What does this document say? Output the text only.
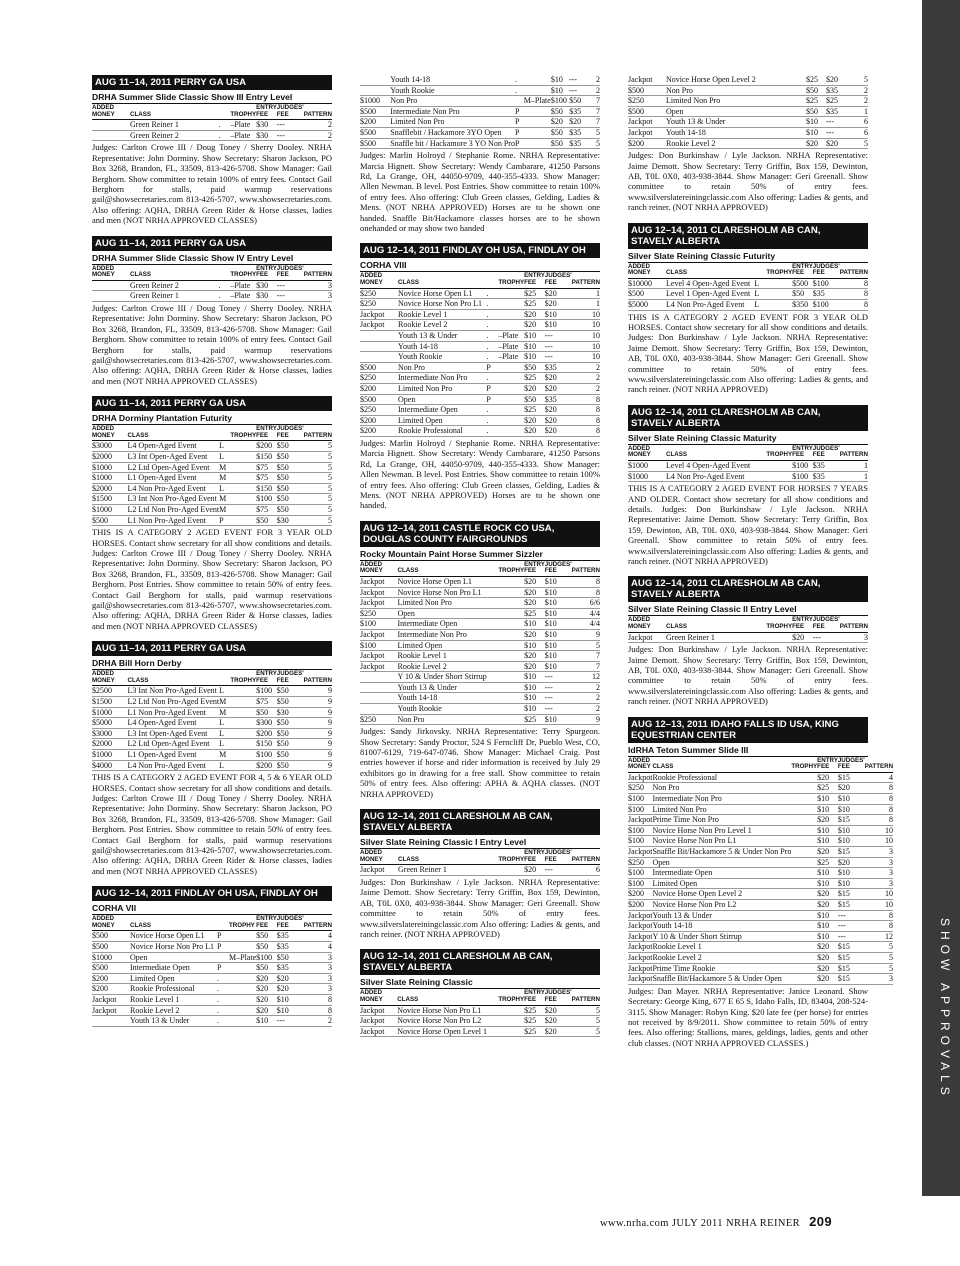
AUG 11–14, 2011 PERRY GA USA
DRHA Summer Slide Classic Show III Entry Level
ADDED MONEY	CLASS		TROPHY	ENTRY FEE	JUDGES' FEE	PATTERN
	Green Reiner 1	.	–Plate	$30	---	2
	Green Reiner 2	.	–Plate	$30	---	2
Judges: Carlton Crowe III / Doug Toney / Sherry Dooley. NRHA Representative: John Dorminy. Show Secretary: Sharon Jackson, PO Box 3268, Brandon, FL, 33509, 813-426-5708. Show Manager: Gail Berghorn. Show committee to retain 100% of entry fees. Contact Gail Berghorn for stalls, paid warmup reservations gail@showsecretaries.com 813-426-5707, www.showsecretaries.com. Also offering: AQHA, DRHA Green Rider & Horse classes, ladies and men (NOT NRHA APPROVED CLASSES)
AUG 11–14, 2011 PERRY GA USA
DRHA Summer Slide Classic Show IV Entry Level
ADDED MONEY	CLASS		TROPHY	ENTRY FEE	JUDGES' FEE	PATTERN
	Green Reiner 2	.	–Plate	$30	---	3
	Green Reiner 1	.	–Plate	$30	---	3
Judges: Carlton Crowe III / Doug Toney / Sherry Dooley. NRHA Representative: John Dorminy. Show Secretary: Sharon Jackson, PO Box 3268, Brandon, FL, 33509, 813-426-5708. Show Manager: Gail Berghorn. Show committee to retain 100% of entry fees. Contact Gail Berghorn for stalls, paid warmup reservations gail@showsecretaries.com 813-426-5707, www.showsecretaries.com. Also offering: AQHA, DRHA Green Rider & Horse classes, ladies and men (NOT NRHA APPROVED CLASSES)
AUG 11–14, 2011 PERRY GA USA
DRHA Dorminy Plantation Futurity
ADDED MONEY	CLASS		TROPHY	ENTRY FEE	JUDGES' FEE	PATTERN
$3000	L4 Open-Aged Event	L		$200	$50	5
$2000	L3 Int Open-Aged Event	L		$150	$50	5
$1000	L2 Ltd Open-Aged Event	M		$75	$50	5
$1000	L1 Open-Aged Event	M		$75	$50	5
$2000	L4 Non Pro-Aged Event	L		$150	$50	5
$1500	L3 Int Non Pro-Aged Event	M		$100	$50	5
$1000	L2 Ltd Non Pro-Aged Event	M		$75	$50	5
$500	L1 Non Pro-Aged Event	P		$50	$30	5
THIS IS A CATEGORY 2 AGED EVENT FOR 3 YEAR OLD HORSES. Contact show secretary for all show conditions and details. Judges: Carlton Crowe III / Doug Toney / Sherry Dooley. NRHA Representative: John Dorminy. Show Secretary: Sharon Jackson, PO Box 3268, Brandon, FL, 33509, 813-426-5708. Show Manager: Gail Berghorn. Post Entries. Show committee to retain 50% of entry fees. Contact Gail Berghorn for stalls, paid warmup reservations gail@showsecretaries.com 813-426-5707, www.showsecretaries.com. Also offering: AQHA, DRHA Green Rider & Horse classes, ladies and men (NOT NRHA APPROVED CLASSES)
AUG 11–14, 2011 PERRY GA USA
DRHA Bill Horn Derby
ADDED MONEY	CLASS		TROPHY	ENTRY FEE	JUDGES' FEE	PATTERN
$2500	L3 Int Non Pro-Aged Event	L		$100	$50	9
$1500	L2 Ltd Non Pro-Aged Event	M		$75	$50	9
$1000	L1 Non Pro-Aged Event	M		$50	$30	9
$5000	L4 Open-Aged Event	L		$300	$50	9
$3000	L3 Int Open-Aged Event	L		$200	$50	9
$2000	L2 Ltd Open-Aged Event	L		$150	$50	9
$1000	L1 Open-Aged Event	M		$100	$50	9
$4000	L4 Non Pro-Aged Event	L		$200	$50	9
THIS IS A CATEGORY 2 AGED EVENT FOR 4, 5 & 6 YEAR OLD HORSES. Contact show secretary for all show conditions and details. Judges: Carlton Crowe III / Doug Toney / Sherry Dooley. NRHA Representative: John Dorminy. Show Secretary: Sharon Jackson, PO Box 3268, Brandon, FL, 33509, 813-426-5708. Show Manager: Gail Berghorn. Post Entries. Show committee to retain 50% of entry fees. Contact Gail Berghorn for stalls, paid warmup reservations gail@showsecretaries.com 813-426-5707, www.showsecretaries.com. Also offering: AQHA, DRHA Green Rider & Horse classes, ladies and men (NOT NRHA APPROVED CLASSES)
AUG 12–14, 2011 FINDLAY OH USA, FINDLAY OH
CORHA VII
ADDED MONEY	CLASS		TROPHY	ENTRY FEE	JUDGES' FEE	PATTERN
$500	Novice Horse Open L1	P		$50	$35	4
$500	Novice Horse Non Pro L1	P		$50	$35	4
$1000	Open		M–Plate	$100	$50	3
$500	Intermediate Open	P		$50	$35	3
$200	Limited Open	.		$20	$20	3
$200	Rookie Professional	.		$20	$20	3
Jackpot	Rookie Level 1	.		$20	$10	8
Jackpot	Rookie Level 2	.		$20	$10	8
	Youth 13 & Under	.		$10	---	2
	Youth 14-18	.		$10	---	2
	Youth Rookie	.		$10	---	2
$1000	Non Pro		M–Plate	$100	$50	7
$500	Intermediate Non Pro	P		$50	$35	7
$200	Limited Non Pro	P		$20	$20	7
$500	Snafflebit / Hackamore 3YO Open	P		$50	$35	5
$500	Snaffle bit / Hackamore 3 YO Non Pro	P		$50	$35	5
Judges: Marlin Holroyd / Stephanie Rome. NRHA Representative: Marcia Hignett. Show Secretary: Wendy Cambarare, 41250 Parsons Rd, La Grange, OH, 44050-9709, 440-355-4333. Show Manager: Allen Newman. B level. Post Entries. Show committee to retain 100% of entry fees. Also offering: Club Green classes, Gelding, Ladies & Mens. (NOT NRHA APPROVED) Horses are to be shown one handed. Snaffle Bit/Hackamore classes horses are to be shown onehanded or may show two handed
AUG 12–14, 2011 FINDLAY OH USA, FINDLAY OH
CORHA VIII
ADDED MONEY	CLASS		TROPHY	ENTRY FEE	JUDGES' FEE	PATTERN
$250	Novice Horse Open L1	.		$25	$20	1
$250	Novice Horse Non Pro L1	.		$25	$20	1
Jackpot	Rookie Level 1	.		$20	$10	10
Jackpot	Rookie Level 2	.		$20	$10	10
	Youth 13 & Under	.	–Plate	$10	---	10
	Youth 14-18	.	–Plate	$10	---	10
	Youth Rookie	.	–Plate	$10	---	10
$500	Non Pro	P		$50	$35	2
$250	Intermediate Non Pro	.		$25	$20	2
$200	Limited Non Pro	P		$20	$20	2
$500	Open	P		$50	$35	8
$250	Intermediate Open	.		$25	$20	8
$200	Limited Open	.		$20	$20	8
$200	Rookie Professional	.		$20	$20	8
Judges: Marlin Holroyd / Stephanie Rome. NRHA Representative: Marcia Hignett. Show Secretary: Wendy Cambarare, 41250 Parsons Rd, La Grange, OH, 44050-9709, 440-355-4333. Show Manager: Allen Newman. B level. Post Entries. Show committee to retain 100% of entry fees. Also offering: Club Green classes, Gelding, Ladies & Mens. (NOT NRHA APPROVED) Horses are to be shown one handed.
AUG 12–14, 2011 CASTLE ROCK CO USA, DOUGLAS COUNTY FAIRGROUNDS
Rocky Mountain Paint Horse Summer Sizzler
ADDED MONEY	CLASS		TROPHY	ENTRY FEE	JUDGES' FEE	PATTERN
Jackpot	Novice Horse Open L1			$20	$10	8
Jackpot	Novice Horse Non Pro L1			$20	$10	8
Jackpot	Limited Non Pro			$20	$10	6/6
$250	Open			$25	$10	4/4
$100	Intermediate Open			$10	$10	4/4
Jackpot	Intermediate Non Pro			$20	$10	9
$100	Limited Open			$10	$10	5
Jackpot	Rookie Level 1			$20	$10	7
Jackpot	Rookie Level 2			$20	$10	7
	Y 10 & Under Short Stirrup			$10	---	12
	Youth 13 & Under			$10	---	2
	Youth 14-18			$10	---	2
	Youth Rookie			$10	---	2
$250	Non Pro			$25	$10	9
Judges: Sandy Jirkovsky. NRHA Representative: Terry Spurgeon. Show Secretary: Sandy Proctor, 524 S Ferncliff Dr, Pueblo West, CO, 81007-6129, 719-647-0746. Show Manager: Michael Craig. Post entries however if horse and rider information is received by July 29 exhibitors go in drawing for a free stall. Show committee to retain 50% of entry fees. Also offering: APHA & AQHA classes. (NOT NRHA APPROVED)
AUG 12–14, 2011 CLARESHOLM AB CAN, STAVELY ALBERTA
Silver Slate Reining Classic I Entry Level
ADDED MONEY	CLASS		TROPHY	ENTRY FEE	JUDGES' FEE	PATTERN
Jackpot	Green Reiner 1			$20	---	6
Judges: Don Burkinshaw / Lyle Jackson. NRHA Representative: Jaime Demott. Show Secretary: Terry Griffin, Box 159, Dewinton, AB, T0L 0X0, 403-938-3844. Show Manager: Geri Greenall. Show committee to retain 50% of entry fees. www.silverslatereiningclassic.com Also offering: Ladies & gents, and ranch reiner. (NOT NRHA APPROVED)
AUG 12–14, 2011 CLARESHOLM AB CAN, STAVELY ALBERTA
Silver Slate Reining Classic
ADDED MONEY	CLASS		TROPHY	ENTRY FEE	JUDGES' FEE	PATTERN
Jackpot	Novice Horse Non Pro L1			$25	$20	5
Jackpot	Novice Horse Non Pro L2			$25	$20	5
Jackpot	Novice Horse Open Level 1			$25	$20	5
Jackpot	Novice Horse Open Level 2			$25	$20	5
$500	Non Pro			$50	$35	2
$250	Limited Non Pro			$25	$25	2
$500	Open			$50	$35	1
Jackpot	Youth 13 & Under			$10	---	6
Jackpot	Youth 14-18			$10	---	6
$200	Rookie Level 2			$20	$20	5
Judges: Don Burkinshaw / Lyle Jackson. NRHA Representative: Jaime Demott. Show Secretary: Terry Griffin, Box 159, Dewinton, AB, T0L 0X0, 403-938-3844. Show Manager: Geri Greenall. Show committee to retain 50% of entry fees. www.silverslatereiningclassic.com Also offering: Ladies & gents, and ranch reiner. (NOT NRHA APPROVED)
AUG 12–14, 2011 CLARESHOLM AB CAN, STAVELY ALBERTA
Silver Slate Reining Classic Futurity
ADDED MONEY	CLASS		TROPHY	ENTRY FEE	JUDGES' FEE	PATTERN
$10000	Level 4 Open-Aged Event	L		$500	$100	8
$500	Level 1 Open-Aged Event	L		$50	$35	8
$5000	L4 Non Pro-Aged Event	L		$350	$100	8
THIS IS A CATEGORY 2 AGED EVENT FOR 3 YEAR OLD HORSES. Contact show secretary for all show conditions and details. Judges: Don Burkinshaw / Lyle Jackson. NRHA Representative: Jaime Demott. Show Secretary: Terry Griffin, Box 159, Dewinton, AB, T0L 0X0, 403-938-3844. Show Manager: Geri Greenall. Show committee to retain 50% of entry fees. www.silverslatereiningclassic.com Also offering: Ladies & gents, and ranch reiner. (NOT NRHA APPROVED)
AUG 12–14, 2011 CLARESHOLM AB CAN, STAVELY ALBERTA
Silver Slate Reining Classic Maturity
ADDED MONEY	CLASS		TROPHY	ENTRY FEE	JUDGES' FEE	PATTERN
$1000	Level 4 Open-Aged Event			$100	$35	1
$1000	L4 Non Pro-Aged Event			$100	$35	1
THIS IS A CATEGORY 2 AGED EVENT FOR HORSES 7 YEARS AND OLDER. Contact show secretary for all show conditions and details. Judges: Don Burkinshaw / Lyle Jackson. NRHA Representative: Jaime Demott. Show Secretary: Terry Griffin, Box 159, Dewinton, AB, T0L 0X0, 403-938-3844. Show Manager: Geri Greenall. Show committee to retain 50% of entry fees. www.silverslatereiningclassic.com Also offering: Ladies & gents, and ranch reiner. (NOT NRHA APPROVED)
AUG 12–14, 2011 CLARESHOLM AB CAN, STAVELY ALBERTA
Silver Slate Reining Classic II Entry Level
ADDED MONEY	CLASS		TROPHY	ENTRY FEE	JUDGES' FEE	PATTERN
Jackpot	Green Reiner 1			$20	---	3
Judges: Don Burkinshaw / Lyle Jackson. NRHA Representative: Jaime Demott. Show Secretary: Terry Griffin, Box 159, Dewinton, AB, T0L 0X0, 403-938-3844. Show Manager: Geri Greenall. Show committee to retain 50% of entry fees. www.silverslatereiningclassic.com Also offering: Ladies & gents, and ranch reiner. (NOT NRHA APPROVED)
AUG 12–13, 2011 IDAHO FALLS ID USA, KING EQUESTRIAN CENTER
IdRHA Teton Summer Slide III
ADDED MONEY	CLASS		TROPHY	ENTRY FEE	JUDGES' FEE	PATTERN
Jackpot	Rookie Professional			$20	$15	4
$250	Non Pro			$25	$20	8
$100	Intermediate Non Pro			$10	$10	8
$100	Limited Non Pro			$10	$10	8
Jackpot	Prime Time Non Pro			$20	$15	8
$100	Novice Horse Non Pro Level 1			$10	$10	10
$100	Novice Horse Non Pro L1			$10	$10	10
Jackpot	Snaffle Bit/Hackamore 5 & Under Non Pro			$20	$15	3
$250	Open			$25	$20	3
$100	Intermediate Open			$10	$10	3
$100	Limited Open			$10	$10	3
$200	Novice Horse Open Level 2			$20	$15	10
$200	Novice Horse Non Pro L2			$20	$15	10
Jackpot	Youth 13 & Under			$10	---	8
Jackpot	Youth 14-18			$10	---	8
Jackpot	Y 10 & Under Short Stirrup			$10	---	12
Jackpot	Rookie Level 1			$20	$15	5
Jackpot	Rookie Level 2			$20	$15	5
Jackpot	Prime Time Rookie			$20	$15	5
Jackpot	Snaffle Bit/Hackamore 5 & Under Open			$20	$15	3
Judges: Dan Mayer. NRHA Representative: Janice Leonard. Show Secretary: George King, 677 E 65 S, Idaho Falls, ID, 83404, 208-524-3115. Show Manager: Robyn King. $20 late fee (per horse) for entries not received by 8/9/2011. Show committee to retain 50% of entry fees. Also offering: Stallions, mares, geldings, ladies, gents and other club classes. (NOT NRHA APPROVED CLASSES.)	SHOW APPROVALS
www.nrha.com JULY 2011 NRHA REINER 209
